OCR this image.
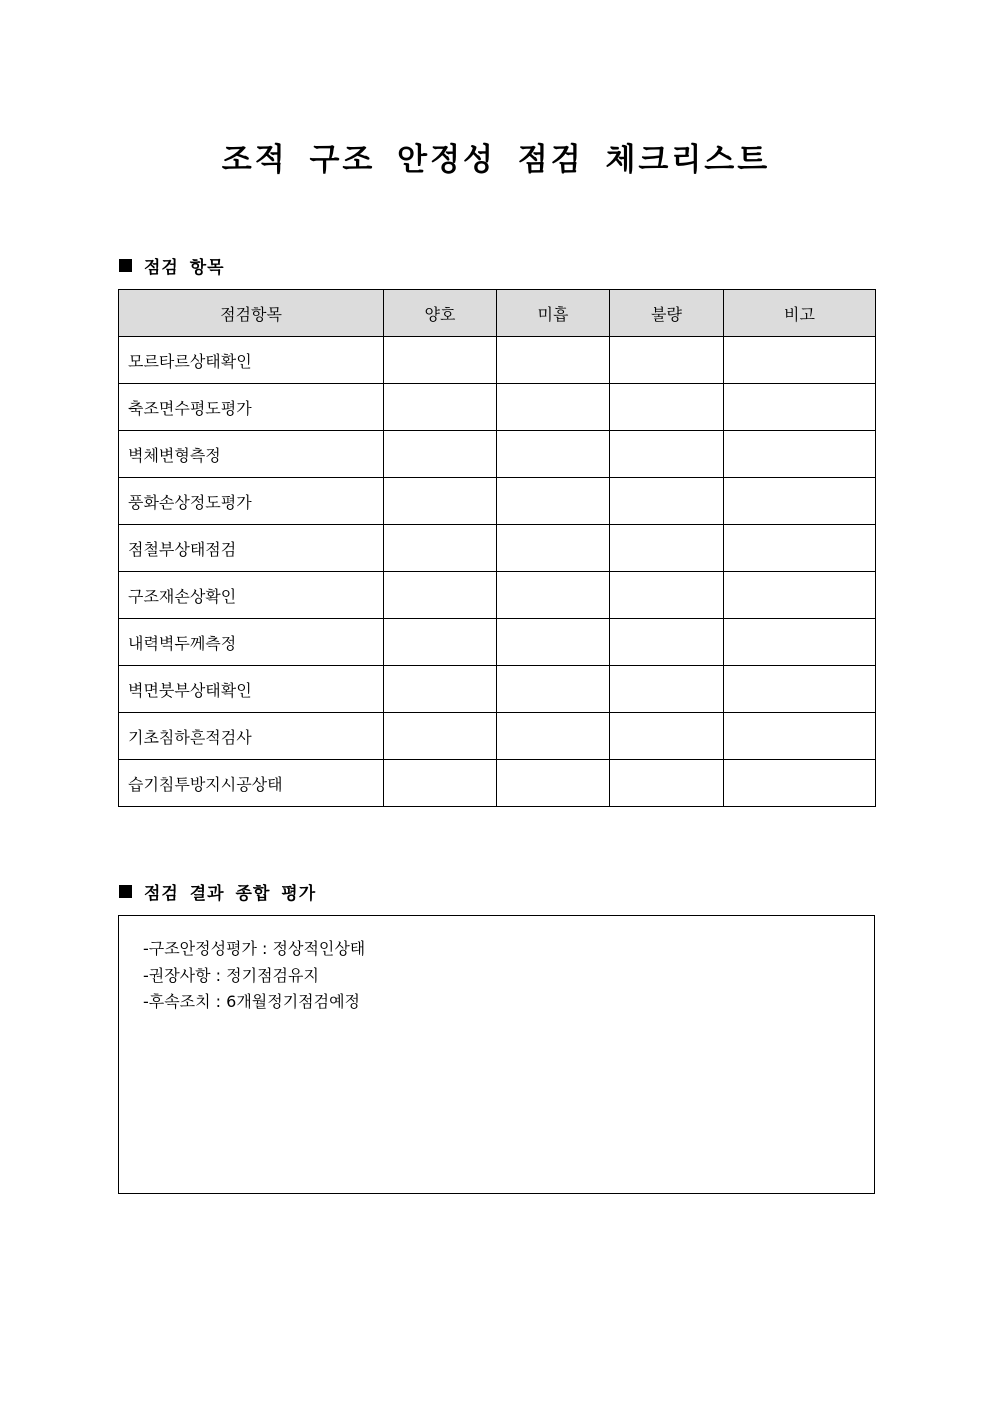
조적 구조 안정성 점검 체크리스트
점검 항목
점검항목	양호	미흡	불량	비고
모르타르상태확인				
축조면수평도평가				
벽체변형측정				
풍화손상정도평가				
점철부상태점검				
구조재손상확인				
내력벽두께측정				
벽면붓부상태확인				
기초침하흔적검사				
습기침투방지시공상태				
점검 결과 종합 평가
-구조안정성평가 : 정상적인상태
-권장사항 : 정기점검유지
-후속조치 : 6개월정기점검예정
